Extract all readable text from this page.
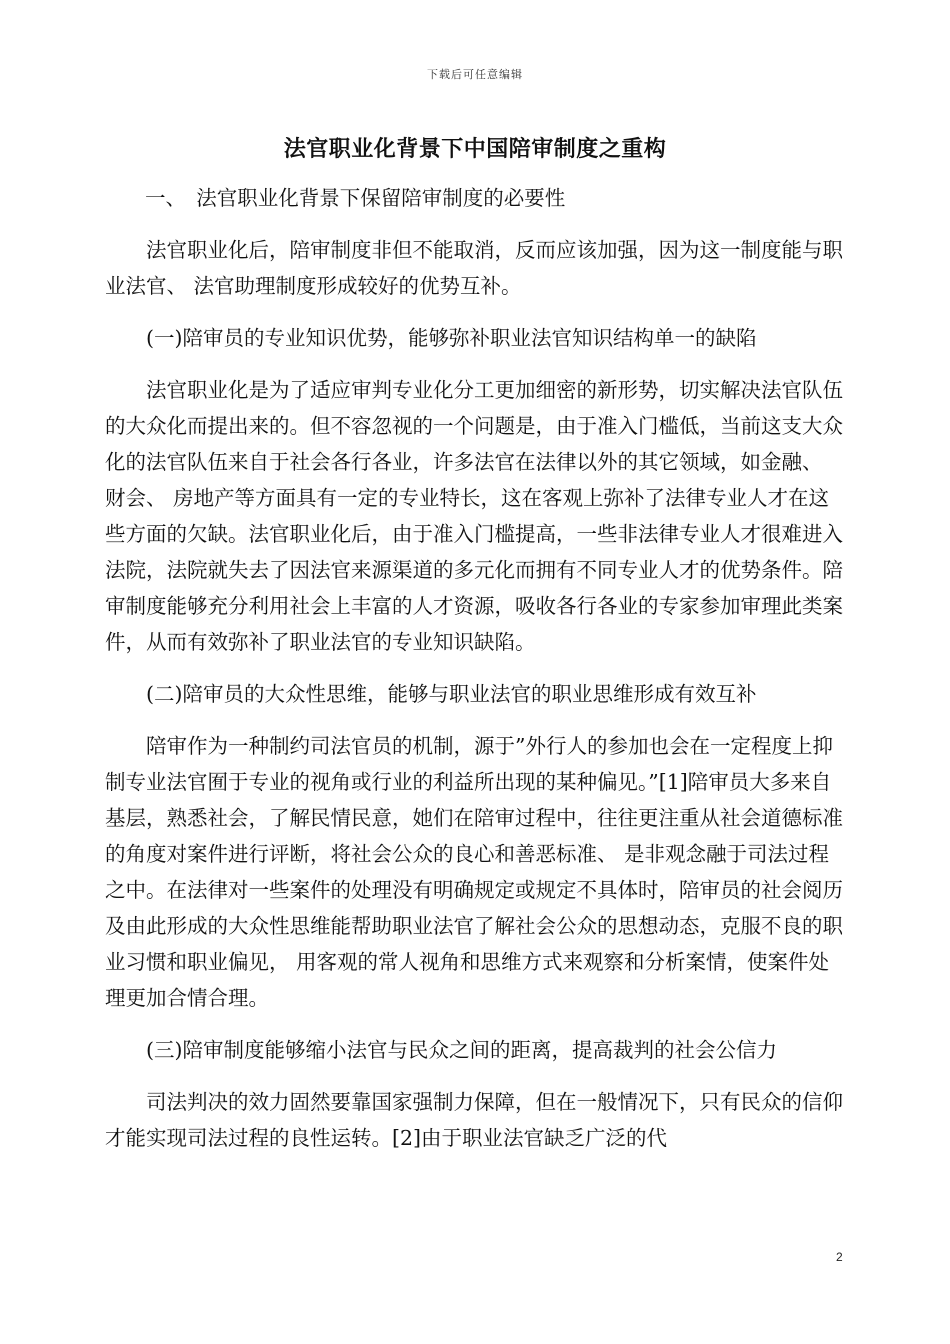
下载后可任意编辑
法官职业化背景下中国陪审制度之重构

一、　法官职业化背景下保留陪审制度的必要性

法官职业化后，陪审制度非但不能取消，反而应该加强，因为这一制度能与职业法官、 法官助理制度形成较好的优势互补。

(一)陪审员的专业知识优势，能够弥补职业法官知识结构单一的缺陷

法官职业化是为了适应审判专业化分工更加细密的新形势，切实解决法官队伍的大众化而提出来的。但不容忽视的一个问题是，由于准入门槛低，当前这支大众化的法官队伍来自于社会各行各业，许多法官在法律以外的其它领域，如金融、 财会、 房地产等方面具有一定的专业特长，这在客观上弥补了法律专业人才在这些方面的欠缺。法官职业化后，由于准入门槛提高，一些非法律专业人才很难进入法院，法院就失去了因法官来源渠道的多元化而拥有不同专业人才的优势条件。陪审制度能够充分利用社会上丰富的人才资源，吸收各行各业的专家参加审理此类案件，从而有效弥补了职业法官的专业知识缺陷。

(二)陪审员的大众性思维，能够与职业法官的职业思维形成有效互补

陪审作为一种制约司法官员的机制，源于”外行人的参加也会在一定程度上抑制专业法官囿于专业的视角或行业的利益所出现的某种偏见。”[1]陪审员大多来自基层，熟悉社会，了解民情民意，她们在陪审过程中，往往更注重从社会道德标准的角度对案件进行评断，将社会公众的良心和善恶标准、 是非观念融于司法过程之中。在法律对一些案件的处理没有明确规定或规定不具体时，陪审员的社会阅历及由此形成的大众性思维能帮助职业法官了解社会公众的思想动态，克服不良的职业习惯和职业偏见， 用客观的常人视角和思维方式来观察和分析案情，使案件处理更加合情合理。

(三)陪审制度能够缩小法官与民众之间的距离，提高裁判的社会公信力

司法判决的效力固然要靠国家强制力保障，但在一般情况下，只有民众的信仰才能实现司法过程的良性运转。[2]由于职业法官缺乏广泛的代

2
